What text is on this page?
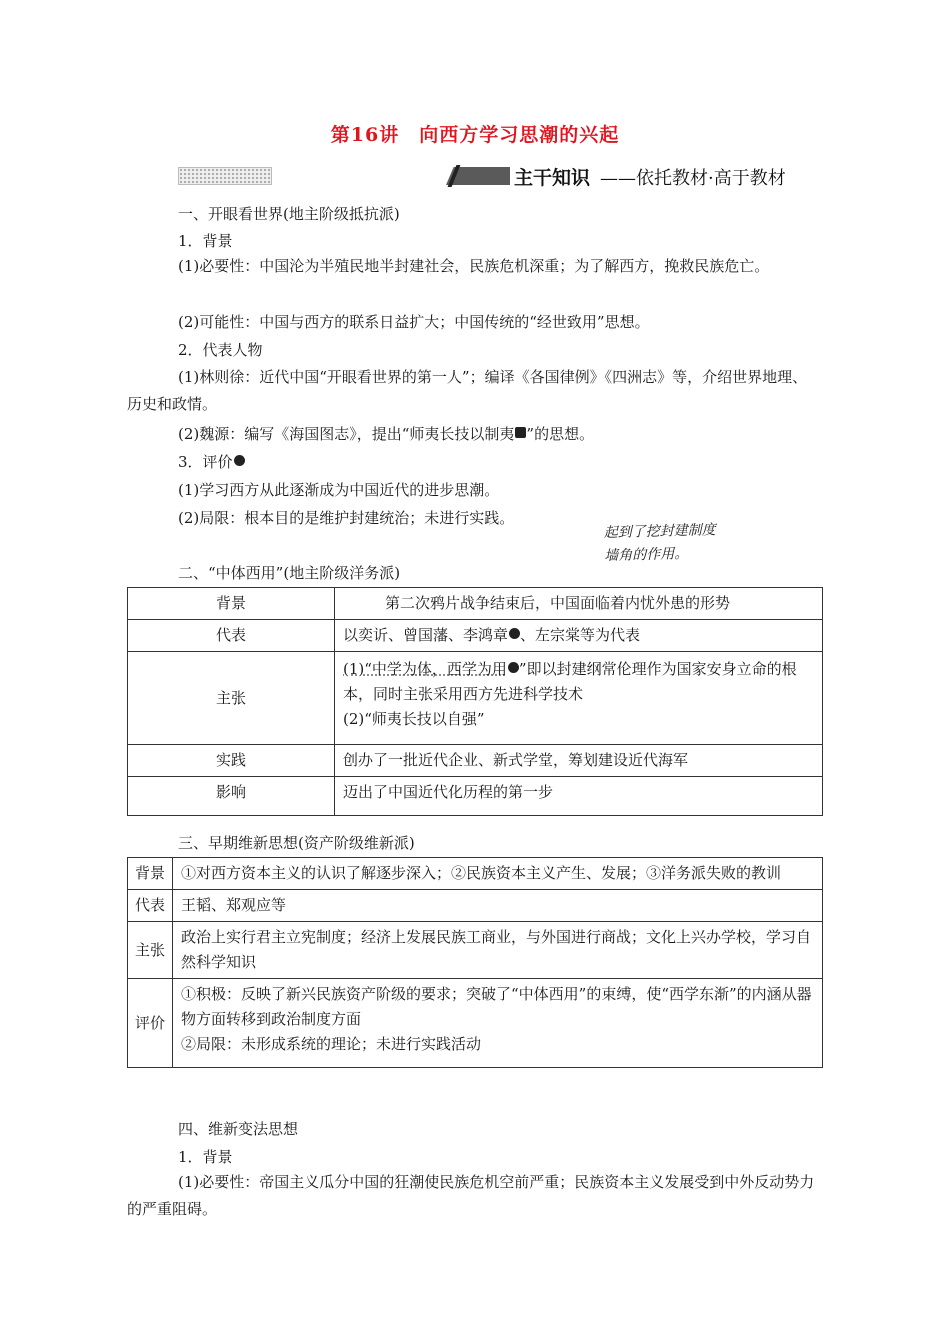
第16讲　向西方学习思潮的兴起
主干知识 ——依托教材·高于教材

一、开眼看世界(地主阶级抵抗派)

1．背景

(1)必要性：中国沦为半殖民地半封建社会，民族危机深重；为了解西方，挽救民族危亡。

(2)可能性：中国与西方的联系日益扩大；中国传统的“经世致用”思想。

2．代表人物

(1)林则徐：近代中国“开眼看世界的第一人”；编译《各国律例》《四洲志》等，介绍世界地理、历史和政情。

(2)魏源：编写《海国图志》，提出“师夷长技以制夷 ”的思想。

3．评价

(1)学习西方从此逐渐成为中国近代的进步思潮。

(2)局限：根本目的是维护封建统治；未进行实践。

起到了挖封建制度
墙角的作用。

二、“中体西用”(地主阶级洋务派)

背景	第二次鸦片战争结束后，中国面临着内忧外患的形势
代表	以奕䜣、曾国藩、李鸿章 、左宗棠等为代表
主张	(1)“中学为体，西学为用 ”即以封建纲常伦理作为国家安身立命的根本，同时主张采用西方先进科学技术
(2)“师夷长技以自强”
实践	创办了一批近代企业、新式学堂，筹划建设近代海军
影响	迈出了中国近代化历程的第一步

三、早期维新思想(资产阶级维新派)

背景	①对西方资本主义的认识了解逐步深入；②民族资本主义产生、发展；③洋务派失败的教训
代表	王韬、郑观应等
主张	政治上实行君主立宪制度；经济上发展民族工商业，与外国进行商战；文化上兴办学校，学习自然科学知识
评价	①积极：反映了新兴民族资产阶级的要求；突破了“中体西用”的束缚，使“西学东渐”的内涵从器物方面转移到政治制度方面
②局限：未形成系统的理论；未进行实践活动

四、维新变法思想

1．背景

(1)必要性：帝国主义瓜分中国的狂潮使民族危机空前严重；民族资本主义发展受到中外反动势力的严重阻碍。
